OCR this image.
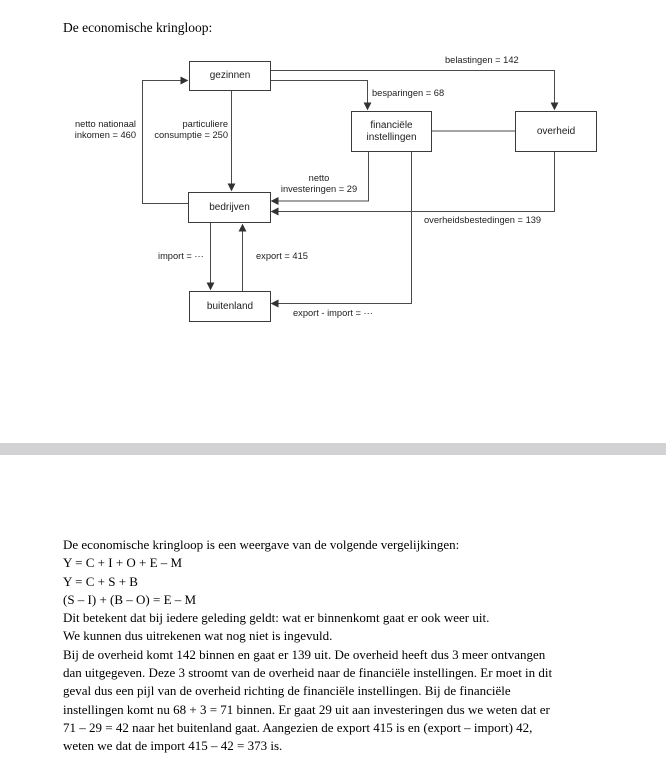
De economische kringloop:
gezinnen
financiële
instellingen
overheid
bedrijven
buitenland
belastingen = 142
besparingen = 68
netto nationaal
inkomen = 460
particuliere
consumptie = 250
netto
investeringen = 29
overheidsbestedingen = 139
import = ···	export = 415
export - import = ···
De economische kringloop is een weergave van de volgende vergelijkingen:
Y = C + I + O + E – M
Y = C + S + B
(S – I) + (B – O) = E – M
Dit betekent dat bij iedere geleding geldt: wat er binnenkomt gaat er ook weer uit.
We kunnen dus uitrekenen wat nog niet is ingevuld.
Bij de overheid komt 142 binnen en gaat er 139 uit. De overheid heeft dus 3 meer ontvangen
dan uitgegeven. Deze 3 stroomt van de overheid naar de financiële instellingen. Er moet in dit
geval dus een pijl van de overheid richting de financiële instellingen. Bij de financiële
instellingen komt nu 68 + 3 = 71 binnen. Er gaat 29 uit aan investeringen dus we weten dat er
71 – 29 = 42 naar het buitenland gaat. Aangezien de export 415 is en (export – import) 42,
weten we dat de import 415 – 42 = 373 is.
